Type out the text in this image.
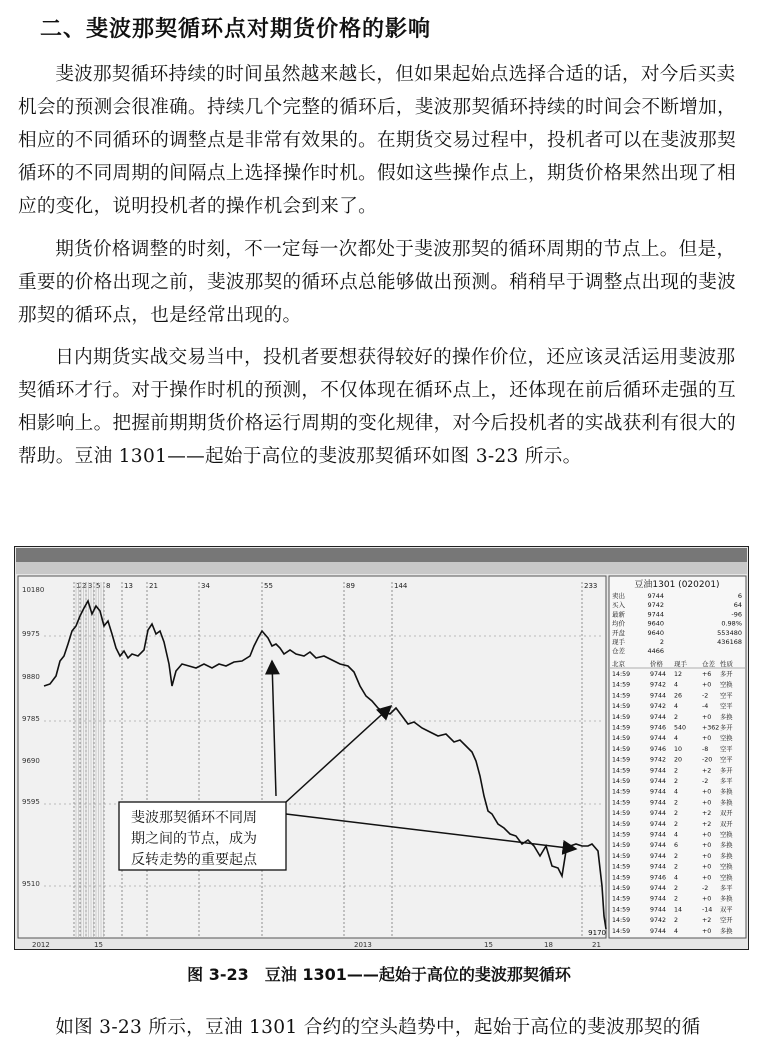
二、斐波那契循环点对期货价格的影响
斐波那契循环持续的时间虽然越来越长，但如果起始点选择合适的话，对今后买卖机会的预测会很准确。持续几个完整的循环后，斐波那契循环持续的时间会不断增加，相应的不同循环的调整点是非常有效果的。在期货交易过程中，投机者可以在斐波那契循环的不同周期的间隔点上选择操作时机。假如这些操作点上，期货价格果然出现了相应的变化，说明投机者的操作机会到来了。
期货价格调整的时刻，不一定每一次都处于斐波那契的循环周期的节点上。但是，重要的价格出现之前，斐波那契的循环点总能够做出预测。稍稍早于调整点出现的斐波那契的循环点，也是经常出现的。
日内期货实战交易当中，投机者要想获得较好的操作价位，还应该灵活运用斐波那契循环才行。对于操作时机的预测，不仅体现在循环点上，还体现在前后循环走强的互相影响上。把握前期期货价格运行周期的变化规律，对今后投机者的实战获利有很大的帮助。豆油 1301——起始于高位的斐波那契循环如图 3-23 所示。
1 2 3 5 8 13 21	34	55	89	144	233
10180
9975
9880
9785
9690
9595
9510
2012	15	2013	15	18	21
9170
斐波那契循环不同周
期之间的节点，成为
反转走势的重要起点
豆油1301 (020201)
卖出	9744	6
买入	9742	64
最新	9744	-96
均价	9640	0.98%
开盘	9640	553480
现手	2	436168
仓差	4466
北京	价格 现手 仓差 性质
14:59	9744 12	+6 多开
14:59	9742 4	+0 空换
14:59	9744 26	-2 空平
14:59	9742 4	-4 空平
14:59	9744 2	+0 多换
14:59	9746 540	+362 多开
14:59	9744 4	+0 空换
14:59	9746 10	-8 空平
14:59	9742 20	-20 空平
14:59	9744 2	+2 多开
14:59	9744 2	-2 多平
14:59	9744 4	+0 多换
14:59	9744 2	+0 多换
14:59	9744 2	+2 双开
14:59	9744 2	+2 双开
14:59	9744 4	+0 空换
14:59	9744 6	+0 多换
14:59	9744 2	+0 多换
14:59	9744 2	+0 空换
14:59	9746 4	+0 空换
14:59	9744 2	-2 多平
14:59	9744 2	+0 多换
14:59	9744 14	-14 双平
14:59	9742 2	+2 空开
14:59	9744 4	+0 多换
图 3-23　豆油 1301——起始于高位的斐波那契循环
如图 3-23 所示，豆油 1301 合约的空头趋势中，起始于高位的斐波那契的循
